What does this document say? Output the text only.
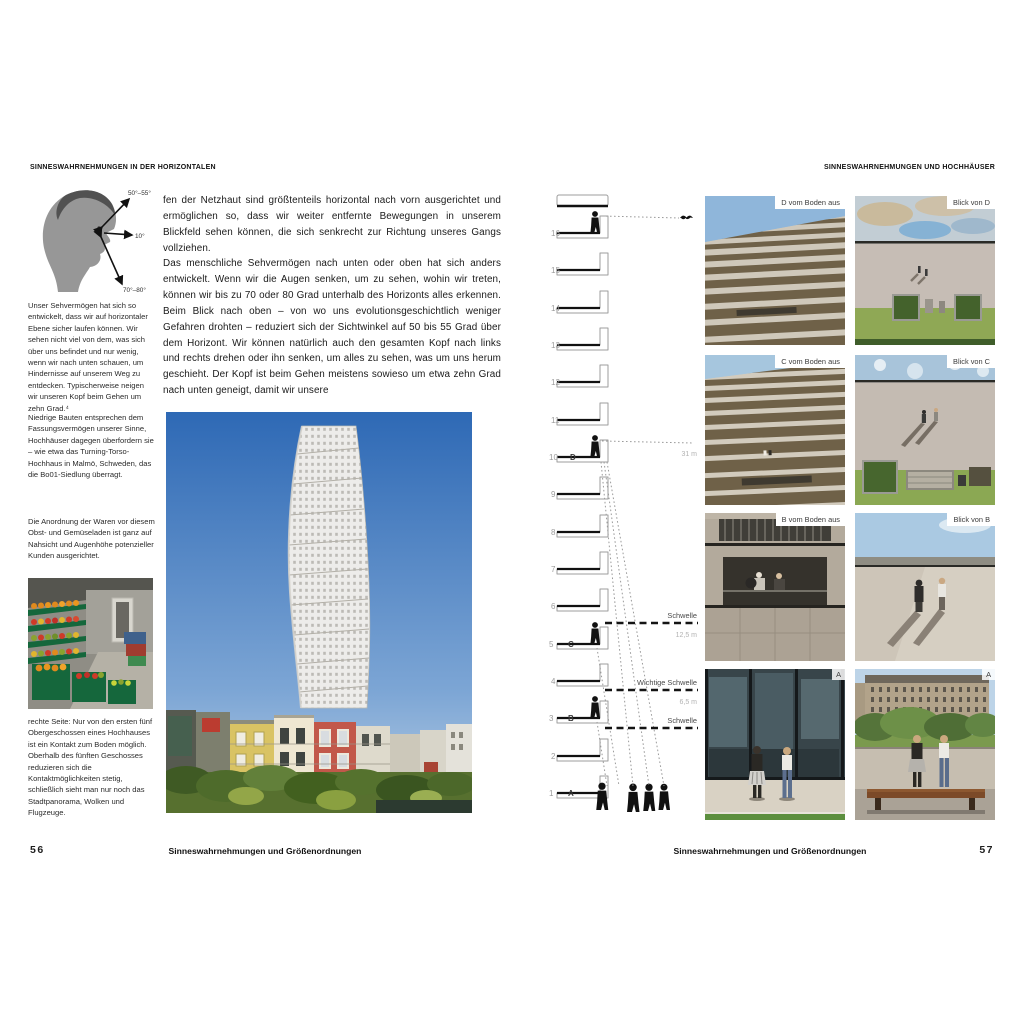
SINNESWAHRNEHMUNGEN IN DER HORIZONTALEN
50°–55°
10°
70°–80°
Unser Sehvermögen hat sich so entwickelt, dass wir auf horizontaler Ebene sicher laufen können. Wir sehen nicht viel von dem, was sich über uns befindet und nur wenig, wenn wir nach unten schauen, um Hindernisse auf unserem Weg zu entdecken. Typischerweise neigen wir unseren Kopf beim Gehen um zehn Grad.⁴
Niedrige Bauten entsprechen dem Fassungsvermögen unserer Sinne, Hochhäuser dagegen überfordern sie – wie etwa das Turning-Torso-Hochhaus in Malmö, Schweden, das die Bo01-Siedlung überragt.
Die Anordnung der Waren vor diesem Obst- und Gemüseladen ist ganz auf Nahsicht und Augenhöhe potenzieller Kunden ausgerichtet.
rechte Seite: Nur von den ersten fünf Obergeschossen eines Hochhauses ist ein Kontakt zum Boden möglich. Oberhalb des fünften Geschosses reduzieren sich die Kontaktmöglichkeiten stetig, schließlich sieht man nur noch das Stadtpanorama, Wolken und Flugzeuge.

fen der Netzhaut sind größtenteils horizontal nach vorn ausgerichtet und ermöglichen so, dass wir weiter entfernte Bewegungen in unserem Blickfeld sehen können, die sich senkrecht zur Richtung unseres Gangs vollziehen.

Das menschliche Sehvermögen nach unten oder oben hat sich anders entwickelt. Wenn wir die Augen senken, um zu sehen, wohin wir treten, können wir bis zu 70 oder 80 Grad unterhalb des Horizonts alles erkennen. Beim Blick nach oben – von wo uns evolutionsgeschichtlich weniger Gefahren drohten – reduziert sich der Sichtwinkel auf 50 bis 55 Grad über dem Horizont. Wir können natürlich auch den gesamten Kopf nach links und rechts drehen oder ihn senken, um alles zu sehen, was um uns herum geschieht. Der Kopf ist beim Gehen meistens sowieso um etwa zehn Grad nach unten geneigt, damit wir unsere

56	Sinneswahrnehmungen und Größenordnungen
SINNESWAHRNEHMUNGEN UND HOCHHÄUSER
16
15
14
13
12
11
10 D
9
8
7
6
5 C
4
3 B
2
1 A
31 m
Schwelle
12,5 m
Wichtige Schwelle
6,5 m
Schwelle
D vom Boden aus	Blick von D
C vom Boden aus	Blick von C
B vom Boden aus	Blick von B
A	A
Sinneswahrnehmungen und Größenordnungen	57
